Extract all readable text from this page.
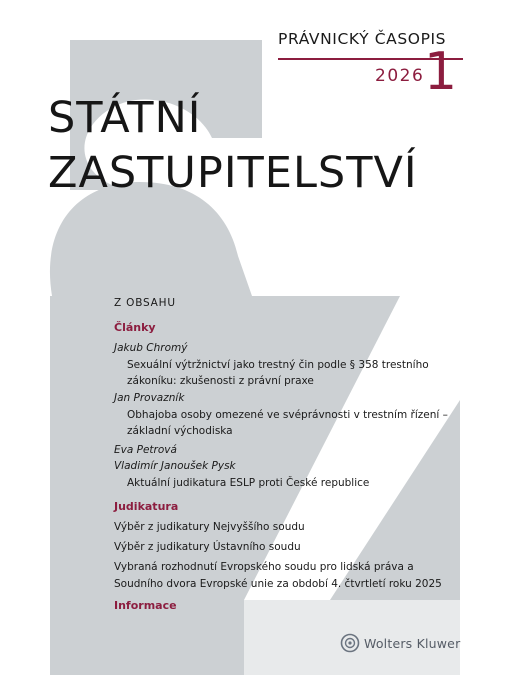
PRÁVNICKÝ ČASOPIS
2026 1
STÁTNÍ
ZASTUPITELSTVÍ
Z OBSAHU
Články
Jakub Chromý
Sexuální výtržnictví jako trestný čin podle § 358 trestního zákoníku: zkušenosti z právní praxe
Jan Provazník
Obhajoba osoby omezené ve svéprávnosti v trestním řízení – základní východiska
Eva Petrová
Vladimír Janoušek Pysk
Aktuální judikatura ESLP proti České republice
Judikatura
Výběr z judikatury Nejvyššího soudu
Výběr z judikatury Ústavního soudu
Vybraná rozhodnutí Evropského soudu pro lidská práva a Soudního dvora Evropské unie za období 4. čtvrtletí roku 2025
Informace
Wolters Kluwer
